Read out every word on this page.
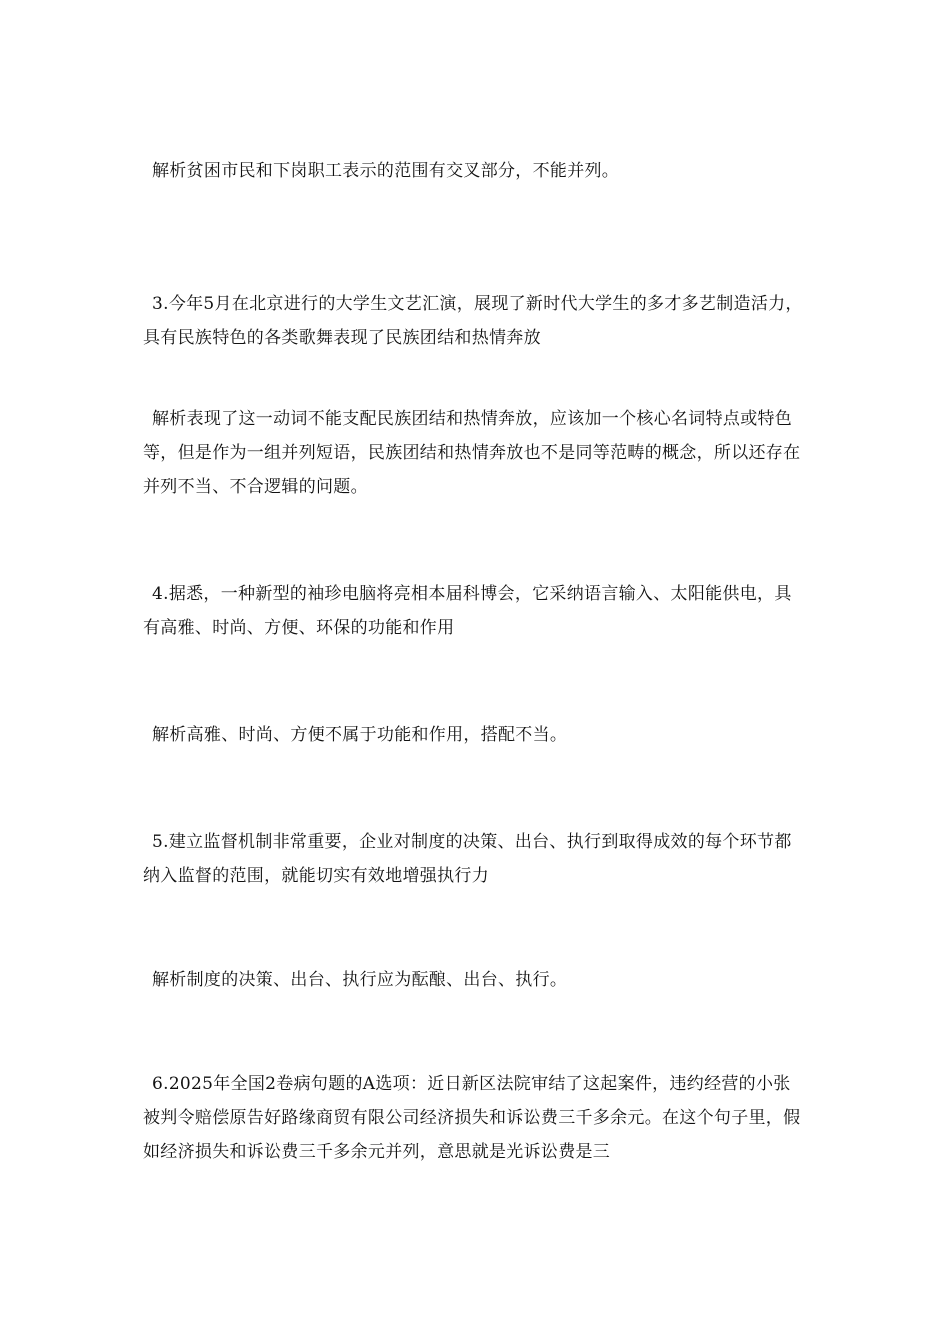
解析贫困市民和下岗职工表示的范围有交叉部分，不能并列。

3.今年5月在北京进行的大学生文艺汇演，展现了新时代大学生的多才多艺制造活力，具有民族特色的各类歌舞表现了民族团结和热情奔放

解析表现了这一动词不能支配民族团结和热情奔放，应该加一个核心名词特点或特色等，但是作为一组并列短语，民族团结和热情奔放也不是同等范畴的概念，所以还存在并列不当、不合逻辑的问题。

4.据悉，一种新型的袖珍电脑将亮相本届科博会，它采纳语言输入、太阳能供电，具有高雅、时尚、方便、环保的功能和作用

解析高雅、时尚、方便不属于功能和作用，搭配不当。

5.建立监督机制非常重要，企业对制度的决策、出台、执行到取得成效的每个环节都纳入监督的范围，就能切实有效地增强执行力

解析制度的决策、出台、执行应为酝酿、出台、执行。

6.2025年全国2卷病句题的A选项：近日新区法院审结了这起案件，违约经营的小张被判令赔偿原告好路缘商贸有限公司经济损失和诉讼费三千多余元。在这个句子里，假如经济损失和诉讼费三千多余元并列，意思就是光诉讼费是三
